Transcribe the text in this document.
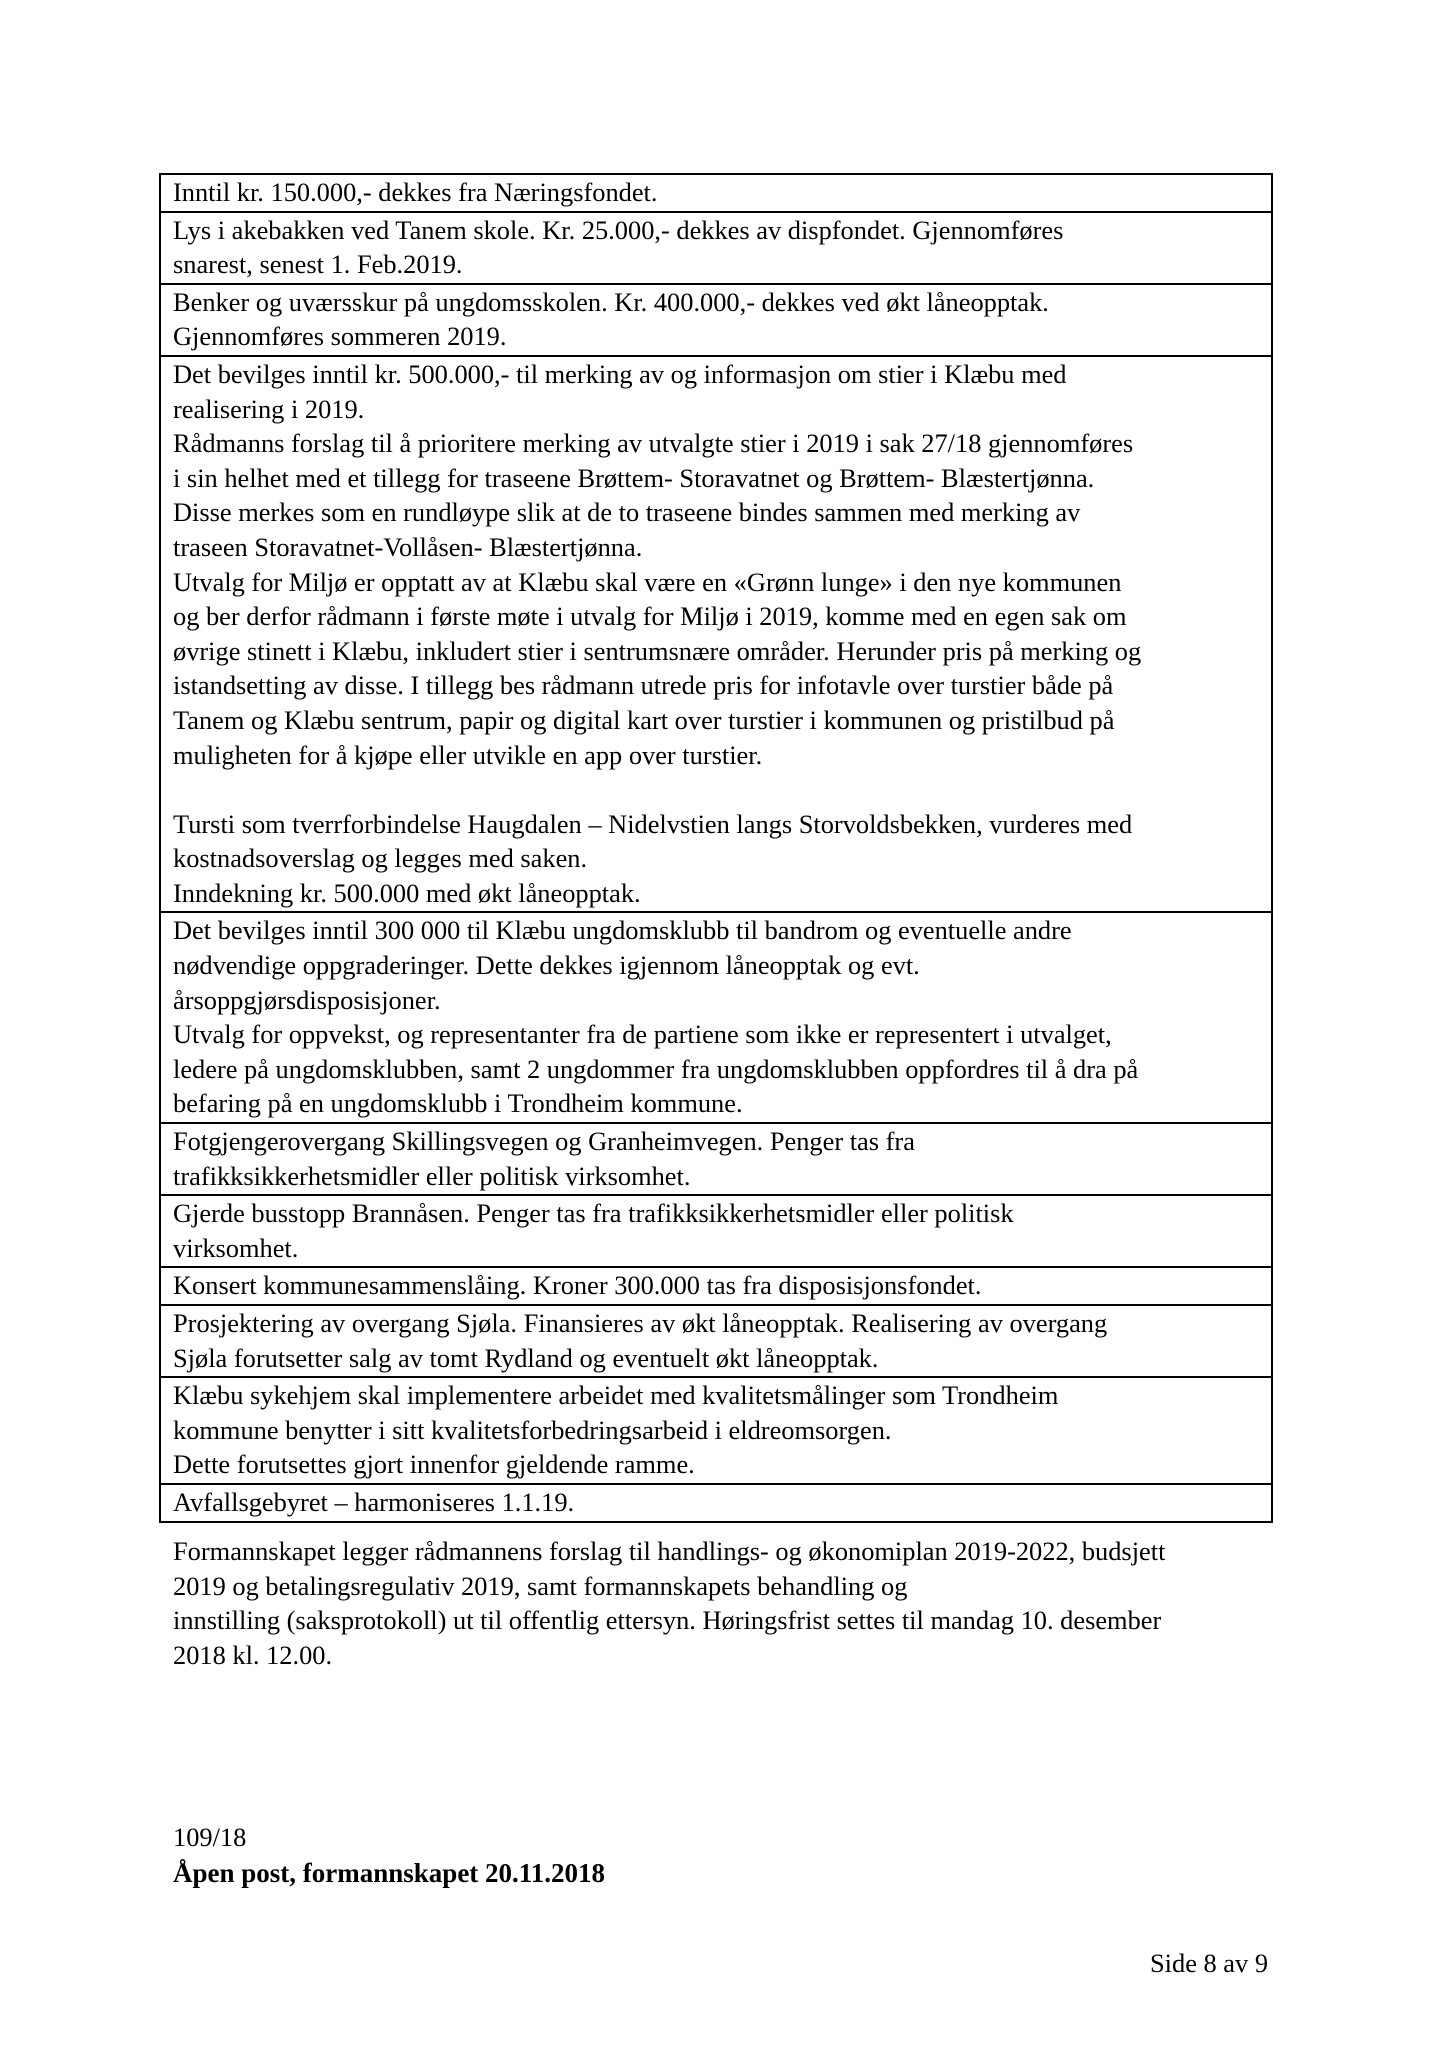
Inntil kr. 150.000,- dekkes fra Næringsfondet.

Lys i akebakken ved Tanem skole. Kr. 25.000,- dekkes av dispfondet. Gjennomføres
snarest, senest 1. Feb.2019.

Benker og uværsskur på ungdomsskolen. Kr. 400.000,- dekkes ved økt låneopptak.
Gjennomføres sommeren 2019.

Det bevilges inntil kr. 500.000,- til merking av og informasjon om stier i Klæbu med
realisering i 2019.
Rådmanns forslag til å prioritere merking av utvalgte stier i 2019 i sak 27/18 gjennomføres
i sin helhet med et tillegg for traseene Brøttem- Storavatnet og Brøttem- Blæstertjønna.
Disse merkes som en rundløype slik at de to traseene bindes sammen med merking av
traseen Storavatnet-Vollåsen- Blæstertjønna.
Utvalg for Miljø er opptatt av at Klæbu skal være en «Grønn lunge» i den nye kommunen
og ber derfor rådmann i første møte i utvalg for Miljø i 2019, komme med en egen sak om
øvrige stinett i Klæbu, inkludert stier i sentrumsnære områder. Herunder pris på merking og
istandsetting av disse. I tillegg bes rådmann utrede pris for infotavle over turstier både på
Tanem og Klæbu sentrum, papir og digital kart over turstier i kommunen og pristilbud på
muligheten for å kjøpe eller utvikle en app over turstier.
Tursti som tverrforbindelse Haugdalen – Nidelvstien langs Storvoldsbekken, vurderes med
kostnadsoverslag og legges med saken.
Inndekning kr. 500.000 med økt låneopptak.

Det bevilges inntil 300 000 til Klæbu ungdomsklubb til bandrom og eventuelle andre
nødvendige oppgraderinger. Dette dekkes igjennom låneopptak og evt.
årsoppgjørsdisposisjoner.
Utvalg for oppvekst, og representanter fra de partiene som ikke er representert i utvalget,
ledere på ungdomsklubben, samt 2 ungdommer fra ungdomsklubben oppfordres til å dra på
befaring på en ungdomsklubb i Trondheim kommune.

Fotgjengerovergang Skillingsvegen og Granheimvegen. Penger tas fra
trafikksikkerhetsmidler eller politisk virksomhet.

Gjerde busstopp Brannåsen. Penger tas fra trafikksikkerhetsmidler eller politisk
virksomhet.

Konsert kommunesammenslåing. Kroner 300.000 tas fra disposisjonsfondet.

Prosjektering av overgang Sjøla. Finansieres av økt låneopptak. Realisering av overgang
Sjøla forutsetter salg av tomt Rydland og eventuelt økt låneopptak.

Klæbu sykehjem skal implementere arbeidet med kvalitetsmålinger som Trondheim
kommune benytter i sitt kvalitetsforbedringsarbeid i eldreomsorgen.
Dette forutsettes gjort innenfor gjeldende ramme.

Avfallsgebyret – harmoniseres 1.1.19.
Formannskapet legger rådmannens forslag til handlings- og økonomiplan 2019-2022, budsjett
2019 og betalingsregulativ 2019, samt formannskapets behandling og
innstilling (saksprotokoll) ut til offentlig ettersyn. Høringsfrist settes til mandag 10. desember
2018 kl. 12.00.
109/18
Åpen post, formannskapet 20.11.2018
Side 8 av 9
